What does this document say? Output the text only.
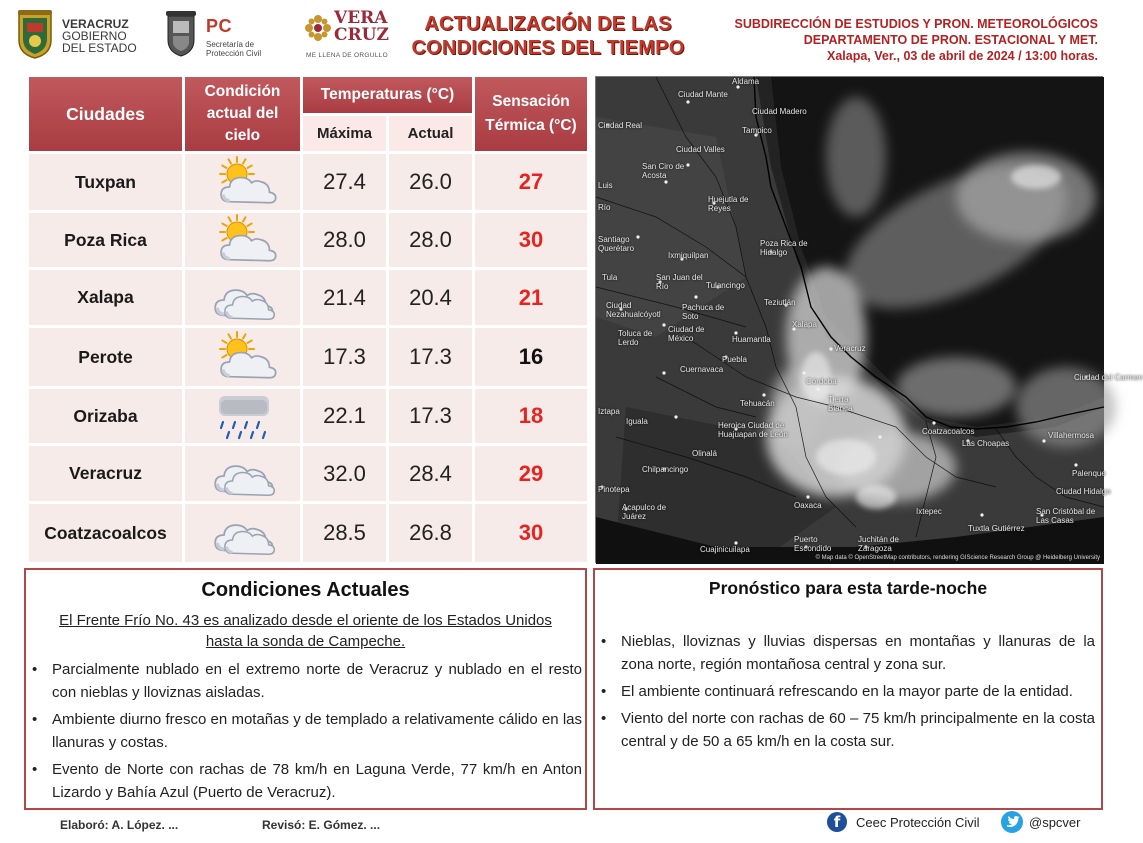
VERACRUZ
GOBIERNO
DEL ESTADO
PC
Secretaría de
Protección Civil
VERA
CRUZ
ME LLENA DE ORGULLO
ACTUALIZACIÓN DE LAS
CONDICIONES DEL TIEMPO
SUBDIRECCIÓN DE ESTUDIOS Y PRON. METEOROLÓGICOS
DEPARTAMENTO DE PRON. ESTACIONAL Y MET.
Xalapa, Ver., 03 de abril de 2024 / 13:00 horas.
Ciudades
Condición actual del cielo
Temperaturas (°C)
Máxima	Actual
Sensación Térmica (°C)
Tuxpan	27.4	26.0	27
Poza Rica	28.0	28.0	30
Xalapa	21.4	20.4	21
Perote	17.3	17.3	16
Orizaba	22.1	17.3	18
Veracruz	32.0	28.4	29
Coatzacoalcos	28.5	26.8	30
Aldama
Ciudad Mante
Tampico
Ciudad Valles
San Ciro de Acosta
Huejutla de Reyes
Luis
Río
Santiago Querétaro
Ixmiquilpan
Poza Rica de Hidalgo
San Juan del Río	Tulancingo
Pachuca de Soto
Teziutlán
Ciudad Nezahualcóyotl
Toluca de Lerdo
Ciudad de México	Huamantla
Xalapa
Veracruz
Puebla
Cuernavaca
Córdoba
Tehuacán	Tierra Blanca
Iguala	Heroica Ciudad de Huajuapan de León	Coatzacoalcos
Las Choapas
Villahermosa
Chilpancingo
Oaxaca
Palenque
Acapulco de Juárez
Ixtepec
Tuxtla Gutiérrez
San Cristóbal de Las Casas
Cuajinicuilapa
Puerto Escondido
Juchitán de Zaragoza
Ciudad del Carmen
Iztapa
Ciudad Hidalgo
Ciudad Real
Tula
Olinalá
Pinotepa
Ciudad Madero
© Map data © OpenStreetMap contributors, rendering GIScience Research Group @ Heidelberg University
Condiciones Actuales
El Frente Frío No. 43 es analizado desde el oriente de los Estados Unidos hasta la sonda de Campeche.
• Parcialmente nublado en el extremo norte de Veracruz y nublado en el resto con nieblas y lloviznas aisladas.
• Ambiente diurno fresco en motañas y de templado a relativamente cálido en las llanuras y costas.
• Evento de Norte con rachas de 78 km/h en Laguna Verde, 77 km/h en Anton Lizardo y Bahía Azul (Puerto de Veracruz).
Pronóstico para esta tarde-noche
• Nieblas, lloviznas y lluvias dispersas en montañas y llanuras de la zona norte, región montañosa central y zona sur.
• El ambiente continuará refrescando en la mayor parte de la entidad.
• Viento del norte con rachas de 60 – 75 km/h principalmente en la costa central y de 50 a 65 km/h en la costa sur.
Elaboró: A. López. ...	Revisó: E. Gómez. ...	f	Ceec Protección Civil	@spcver
